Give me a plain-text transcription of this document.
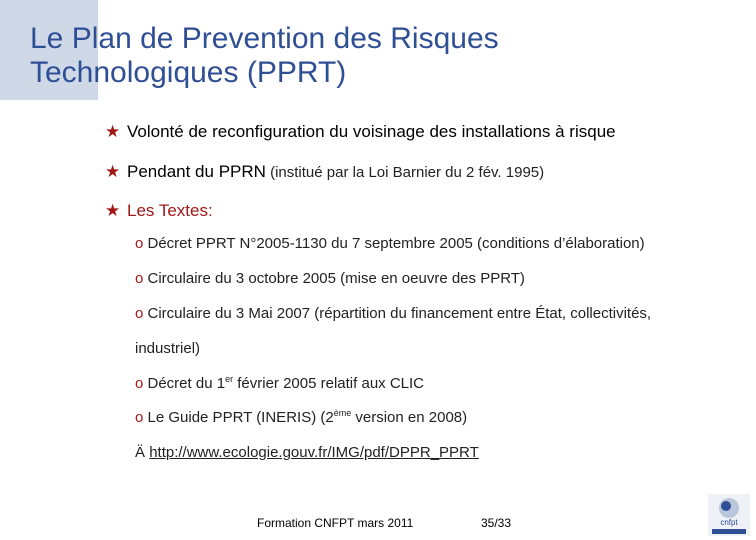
Le Plan de Prevention des Risques
Technologiques (PPRT)
★ Volonté de reconfiguration du voisinage des installations à risque
★ Pendant du PPRN (institué par la Loi Barnier du 2 fév. 1995)
★ Les Textes:
o Décret PPRT N°2005-1130 du 7 septembre 2005 (conditions d’élaboration)
o Circulaire du 3 octobre 2005 (mise en oeuvre des PPRT)
o Circulaire du 3 Mai 2007 (répartition du financement entre État, collectivités,
industriel)
o Décret du 1er février 2005 relatif aux CLIC
o Le Guide PPRT (INERIS) (2ème version en 2008)
Ä http://www.ecologie.gouv.fr/IMG/pdf/DPPR_PPRT
Formation CNFPT mars 2011	35/33	cnfpt
